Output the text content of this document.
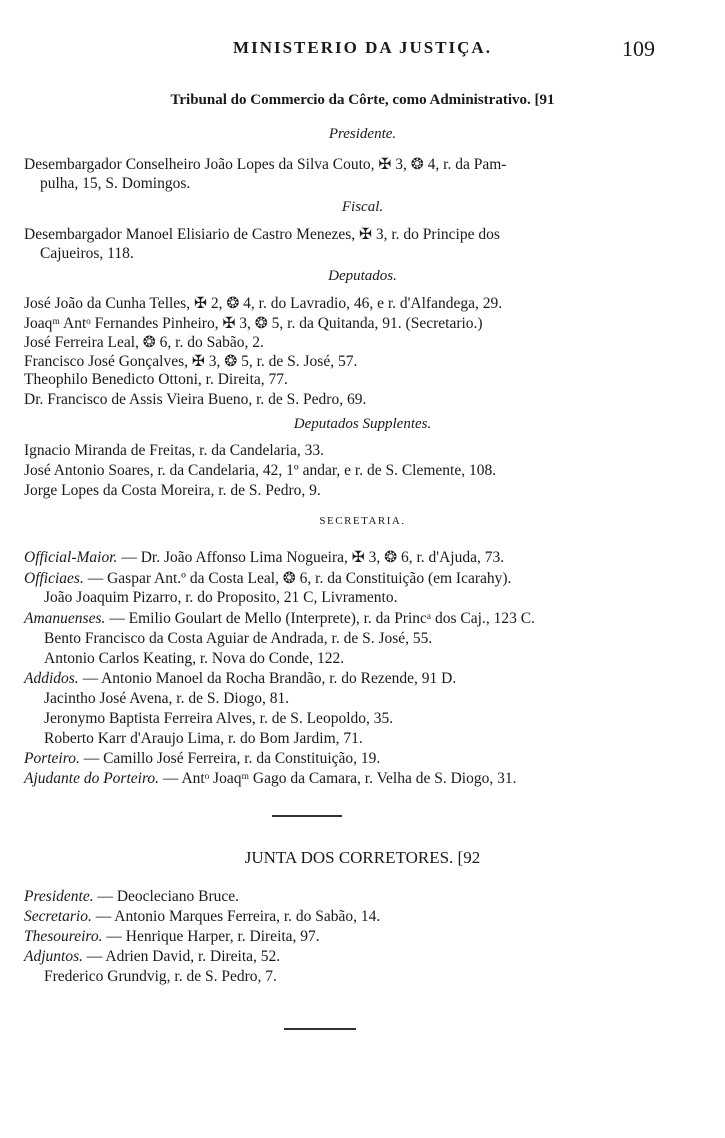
MINISTERIO DA JUSTIÇA.	109
Tribunal do Commercio da Côrte, como Administrativo. [91
Presidente.
Desembargador Conselheiro João Lopes da Silva Couto, ✠ 3, ❂ 4, r. da Pam-
pulha, 15, S. Domingos.
Fiscal.
Desembargador Manoel Elisiario de Castro Menezes, ✠ 3, r. do Principe dos
Cajueiros, 118.
Deputados.
José João da Cunha Telles, ✠ 2, ❂ 4, r. do Lavradio, 46, e r. d'Alfandega, 29.
Joaqᵐ Antᵒ Fernandes Pinheiro, ✠ 3, ❂ 5, r. da Quitanda, 91. (Secretario.)
José Ferreira Leal, ❂ 6, r. do Sabão, 2.
Francisco José Gonçalves, ✠ 3, ❂ 5, r. de S. José, 57.
Theophilo Benedicto Ottoni, r. Direita, 77.
Dr. Francisco de Assis Vieira Bueno, r. de S. Pedro, 69.
Deputados Supplentes.
Ignacio Miranda de Freitas, r. da Candelaria, 33.
José Antonio Soares, r. da Candelaria, 42, 1º andar, e r. de S. Clemente, 108.
Jorge Lopes da Costa Moreira, r. de S. Pedro, 9.
SECRETARIA.
Official-Maior. — Dr. João Affonso Lima Nogueira, ✠ 3, ❂ 6, r. d'Ajuda, 73.
Officiaes. — Gaspar Ant.º da Costa Leal, ❂ 6, r. da Constituição (em Icarahy).
João Joaquim Pizarro, r. do Proposito, 21 C, Livramento.
Amanuenses. — Emilio Goulart de Mello (Interprete), r. da Princᵃ dos Caj., 123 C.
Bento Francisco da Costa Aguiar de Andrada, r. de S. José, 55.
Antonio Carlos Keating, r. Nova do Conde, 122.
Addidos. — Antonio Manoel da Rocha Brandão, r. do Rezende, 91 D.
Jacintho José Avena, r. de S. Diogo, 81.
Jeronymo Baptista Ferreira Alves, r. de S. Leopoldo, 35.
Roberto Karr d'Araujo Lima, r. do Bom Jardim, 71.
Porteiro. — Camillo José Ferreira, r. da Constituição, 19.
Ajudante do Porteiro. — Antᵒ Joaqᵐ Gago da Camara, r. Velha de S. Diogo, 31.
JUNTA DOS CORRETORES. [92
Presidente. — Deocleciano Bruce.
Secretario. — Antonio Marques Ferreira, r. do Sabão, 14.
Thesoureiro. — Henrique Harper, r. Direita, 97.
Adjuntos. — Adrien David, r. Direita, 52.
Frederico Grundvig, r. de S. Pedro, 7.
